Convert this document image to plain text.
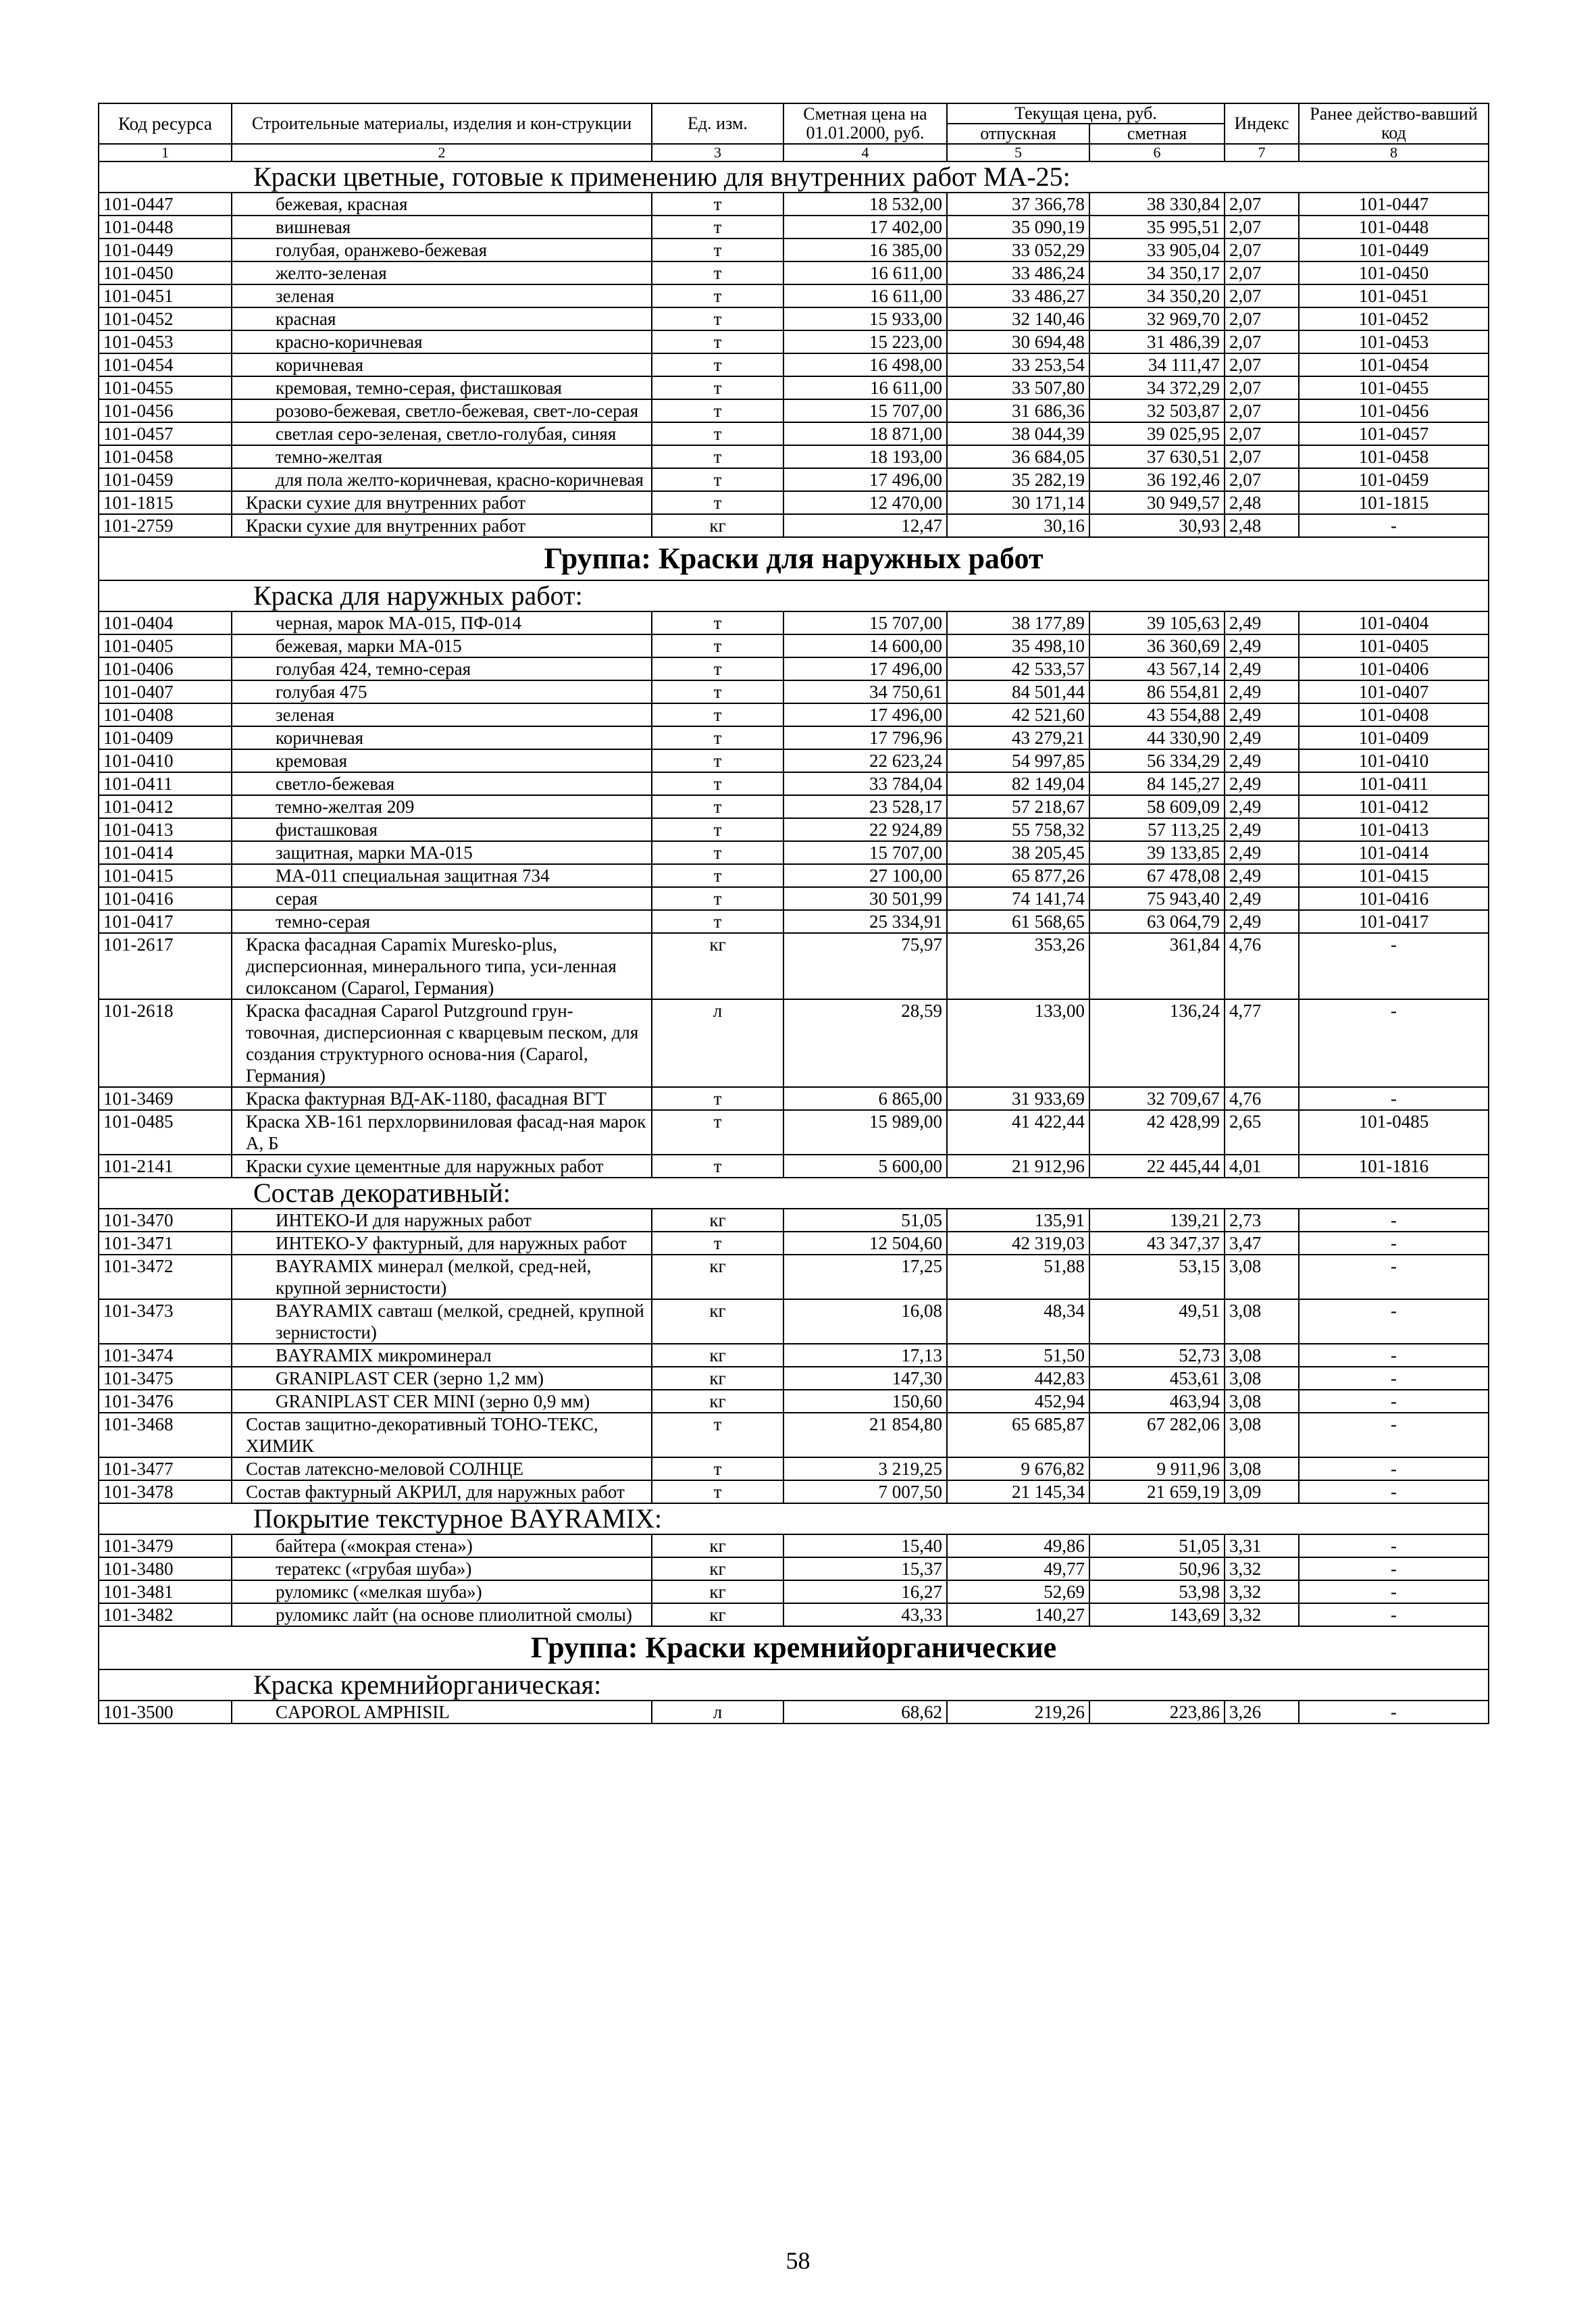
Код ресурса	Строительные материалы, изделия и кон-струкции	Ед. изм.	Сметная цена на 01.01.2000, руб.	Текущая цена, руб.		Индекс	Ранее действо-вавший код
				отпускная	сметная		
1	2	3	4	5	6	7	8
Краски цветные, готовые к применению для внутренних работ МА-25:							
101-0447	бежевая, красная	т	18 532,00	37 366,78	38 330,84	2,07	101-0447
101-0448	вишневая	т	17 402,00	35 090,19	35 995,51	2,07	101-0448
101-0449	голубая, оранжево-бежевая	т	16 385,00	33 052,29	33 905,04	2,07	101-0449
101-0450	желто-зеленая	т	16 611,00	33 486,24	34 350,17	2,07	101-0450
101-0451	зеленая	т	16 611,00	33 486,27	34 350,20	2,07	101-0451
101-0452	красная	т	15 933,00	32 140,46	32 969,70	2,07	101-0452
101-0453	красно-коричневая	т	15 223,00	30 694,48	31 486,39	2,07	101-0453
101-0454	коричневая	т	16 498,00	33 253,54	34 111,47	2,07	101-0454
101-0455	кремовая, темно-серая, фисташковая	т	16 611,00	33 507,80	34 372,29	2,07	101-0455
101-0456	розово-бежевая, светло-бежевая, свет-ло-серая	т	15 707,00	31 686,36	32 503,87	2,07	101-0456
101-0457	светлая серо-зеленая, светло-голубая, синяя	т	18 871,00	38 044,39	39 025,95	2,07	101-0457
101-0458	темно-желтая	т	18 193,00	36 684,05	37 630,51	2,07	101-0458
101-0459	для пола желто-коричневая, красно-коричневая	т	17 496,00	35 282,19	36 192,46	2,07	101-0459
101-1815	Краски сухие для внутренних работ	т	12 470,00	30 171,14	30 949,57	2,48	101-1815
101-2759	Краски сухие для внутренних работ	кг	12,47	30,16	30,93	2,48	-
Группа: Краски для наружных работ							
Краска для наружных работ:							
101-0404	черная, марок МА-015, ПФ-014	т	15 707,00	38 177,89	39 105,63	2,49	101-0404
101-0405	бежевая, марки МА-015	т	14 600,00	35 498,10	36 360,69	2,49	101-0405
101-0406	голубая 424, темно-серая	т	17 496,00	42 533,57	43 567,14	2,49	101-0406
101-0407	голубая 475	т	34 750,61	84 501,44	86 554,81	2,49	101-0407
101-0408	зеленая	т	17 496,00	42 521,60	43 554,88	2,49	101-0408
101-0409	коричневая	т	17 796,96	43 279,21	44 330,90	2,49	101-0409
101-0410	кремовая	т	22 623,24	54 997,85	56 334,29	2,49	101-0410
101-0411	светло-бежевая	т	33 784,04	82 149,04	84 145,27	2,49	101-0411
101-0412	темно-желтая 209	т	23 528,17	57 218,67	58 609,09	2,49	101-0412
101-0413	фисташковая	т	22 924,89	55 758,32	57 113,25	2,49	101-0413
101-0414	защитная, марки МА-015	т	15 707,00	38 205,45	39 133,85	2,49	101-0414
101-0415	МА-011 специальная защитная 734	т	27 100,00	65 877,26	67 478,08	2,49	101-0415
101-0416	серая	т	30 501,99	74 141,74	75 943,40	2,49	101-0416
101-0417	темно-серая	т	25 334,91	61 568,65	63 064,79	2,49	101-0417
101-2617	Краска фасадная Capamix Muresko-plus, дисперсионная, минерального типа, уси-ленная силоксаном (Caparol, Германия)	кг	75,97	353,26	361,84	4,76	-
101-2618	Краска фасадная Caparol Putzground грун-товочная, дисперсионная с кварцевым песком, для создания структурного основа-ния (Caparol, Германия)	л	28,59	133,00	136,24	4,77	-
101-3469	Краска фактурная ВД-АК-1180, фасадная ВГТ	т	6 865,00	31 933,69	32 709,67	4,76	-
101-0485	Краска ХВ-161 перхлорвиниловая фасад-ная марок А, Б	т	15 989,00	41 422,44	42 428,99	2,65	101-0485
101-2141	Краски сухие цементные для наружных работ	т	5 600,00	21 912,96	22 445,44	4,01	101-1816
Состав декоративный:							
101-3470	ИНТЕКО-И для наружных работ	кг	51,05	135,91	139,21	2,73	-
101-3471	ИНТЕКО-У фактурный, для наружных работ	т	12 504,60	42 319,03	43 347,37	3,47	-
101-3472	BAYRAMIX минерал (мелкой, сред-ней, крупной зернистости)	кг	17,25	51,88	53,15	3,08	-
101-3473	BAYRAMIX савташ (мелкой, средней, крупной зернистости)	кг	16,08	48,34	49,51	3,08	-
101-3474	BAYRAMIX микроминерал	кг	17,13	51,50	52,73	3,08	-
101-3475	GRANIPLAST CER (зерно 1,2 мм)	кг	147,30	442,83	453,61	3,08	-
101-3476	GRANIPLAST CER MINI (зерно 0,9 мм)	кг	150,60	452,94	463,94	3,08	-
101-3468	Состав защитно-декоративный ТОНО-ТЕКС, ХИМИК	т	21 854,80	65 685,87	67 282,06	3,08	-
101-3477	Состав латексно-меловой СОЛНЦЕ	т	3 219,25	9 676,82	9 911,96	3,08	-
101-3478	Состав фактурный АКРИЛ, для наружных работ	т	7 007,50	21 145,34	21 659,19	3,09	-
Покрытие текстурное BAYRAMIX:							
101-3479	байтера («мокрая стена»)	кг	15,40	49,86	51,05	3,31	-
101-3480	тератекс («грубая шуба»)	кг	15,37	49,77	50,96	3,32	-
101-3481	руломикс («мелкая шуба»)	кг	16,27	52,69	53,98	3,32	-
101-3482	руломикс лайт (на основе плиолитной смолы)	кг	43,33	140,27	143,69	3,32	-
Группа: Краски кремнийорганические							
Краска кремнийорганическая:							
101-3500	CAPOROL AMPHISIL	л	68,62	219,26	223,86	3,26	-
58
